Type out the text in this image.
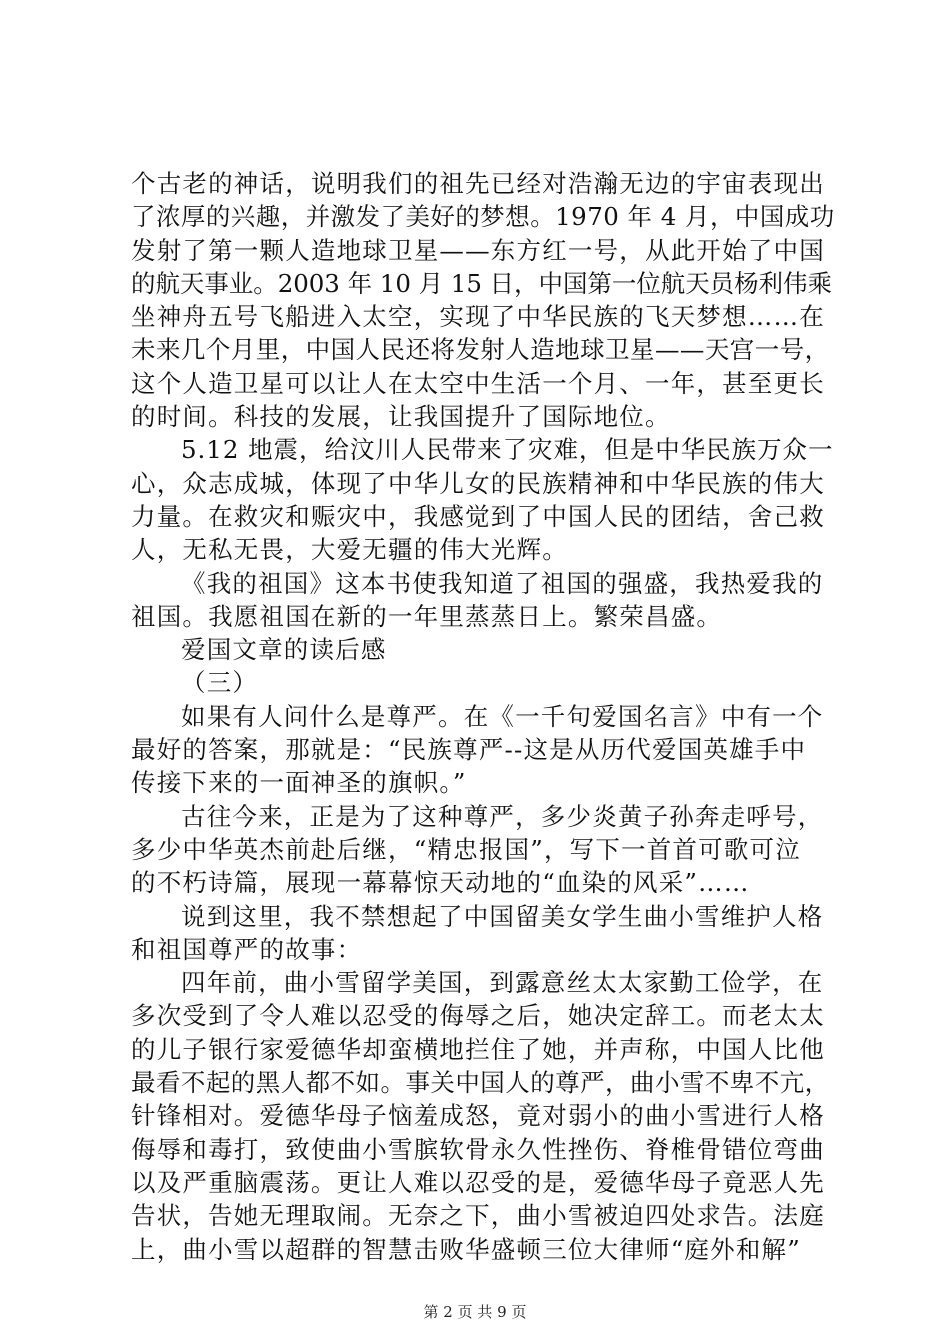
个古老的神话，说明我们的祖先已经对浩瀚无边的宇宙表现出
了浓厚的兴趣，并激发了美好的梦想。1970 年 4 月，中国成功
发射了第一颗人造地球卫星——东方红一号，从此开始了中国
的航天事业。2003 年 10 月 15 日，中国第一位航天员杨利伟乘
坐神舟五号飞船进入太空，实现了中华民族的飞天梦想……在
未来几个月里，中国人民还将发射人造地球卫星——天宫一号，
这个人造卫星可以让人在太空中生活一个月、一年，甚至更长
的时间。科技的发展，让我国提升了国际地位。
5.12 地震，给汶川人民带来了灾难，但是中华民族万众一
心，众志成城，体现了中华儿女的民族精神和中华民族的伟大
力量。在救灾和赈灾中，我感觉到了中国人民的团结，舍己救
人，无私无畏，大爱无疆的伟大光辉。
《我的祖国》这本书使我知道了祖国的强盛，我热爱我的
祖国。我愿祖国在新的一年里蒸蒸日上。繁荣昌盛。
爱国文章的读后感
（三）
如果有人问什么是尊严。在《一千句爱国名言》中有一个
最好的答案，那就是：“民族尊严--这是从历代爱国英雄手中
传接下来的一面神圣的旗帜。”
古往今来，正是为了这种尊严，多少炎黄子孙奔走呼号，
多少中华英杰前赴后继，“精忠报国”，写下一首首可歌可泣
的不朽诗篇，展现一幕幕惊天动地的“血染的风采”……
说到这里，我不禁想起了中国留美女学生曲小雪维护人格
和祖国尊严的故事：
四年前，曲小雪留学美国，到露意丝太太家勤工俭学，在
多次受到了令人难以忍受的侮辱之后，她决定辞工。而老太太
的儿子银行家爱德华却蛮横地拦住了她，并声称，中国人比他
最看不起的黑人都不如。事关中国人的尊严，曲小雪不卑不亢，
针锋相对。爱德华母子恼羞成怒，竟对弱小的曲小雪进行人格
侮辱和毒打，致使曲小雪膑软骨永久性挫伤、脊椎骨错位弯曲
以及严重脑震荡。更让人难以忍受的是，爱德华母子竟恶人先
告状，告她无理取闹。无奈之下，曲小雪被迫四处求告。法庭
上，曲小雪以超群的智慧击败华盛顿三位大律师“庭外和解”
第 2 页 共 9 页
